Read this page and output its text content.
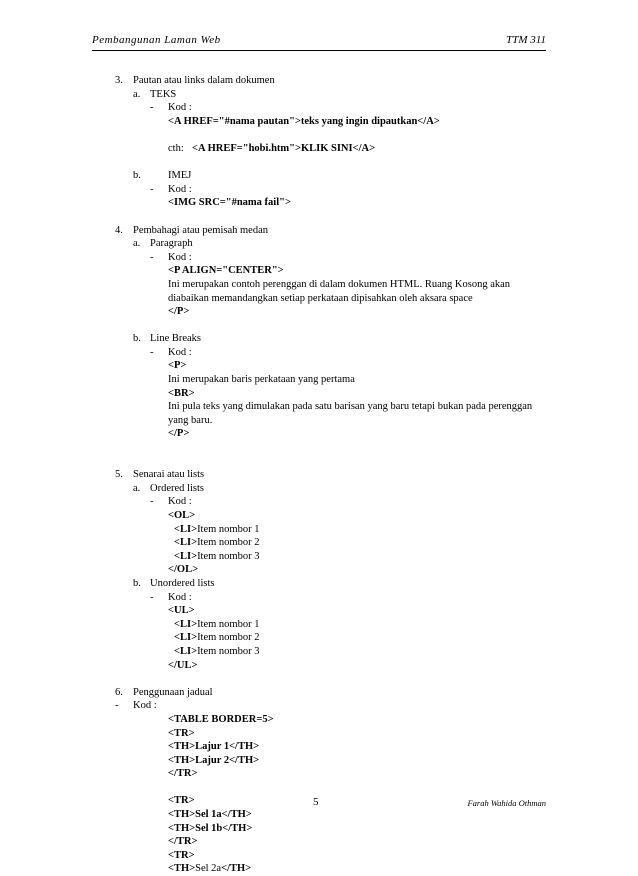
Pembangunan Laman Web	TTM 311
3. Pautan atau links dalam dokumen
a. TEKS
- Kod :
<A HREF="#nama pautan">teks yang ingin dipautkan</A>
cth: <A HREF="hobi.htm">KLIK SINI</A>
b.	IMEJ
- Kod :
<IMG SRC="#nama fail">
4. Pembahagi atau pemisah medan
a. Paragraph
- Kod :
<P ALIGN="CENTER">
Ini merupakan contoh perenggan di dalam dokumen HTML. Ruang Kosong akan
diabaikan memandangkan setiap perkataan dipisahkan oleh aksara space
</P>
b. Line Breaks
- Kod :
<P>
Ini merupakan baris perkataan yang pertama
<BR>
Ini pula teks yang dimulakan pada satu barisan yang baru tetapi bukan pada perenggan
yang baru.
</P>
5. Senarai atau lists
a. Ordered lists
- Kod :
<OL>
<LI>Item nombor 1
<LI>Item nombor 2
<LI>Item nombor 3
</OL>
b. Unordered lists
- Kod :
<UL>
<LI>Item nombor 1
<LI>Item nombor 2
<LI>Item nombor 3
</UL>
6. Penggunaan jadual
- Kod :
<TABLE BORDER=5>
<TR>
<TH>Lajur 1</TH>
<TH>Lajur 2</TH>
</TR>
<TR>
<TH>Sel 1a</TH>
<TH>Sel 1b</TH>
</TR>
<TR>
<TH>Sel 2a</TH>
5	Farah Wahida Othman
